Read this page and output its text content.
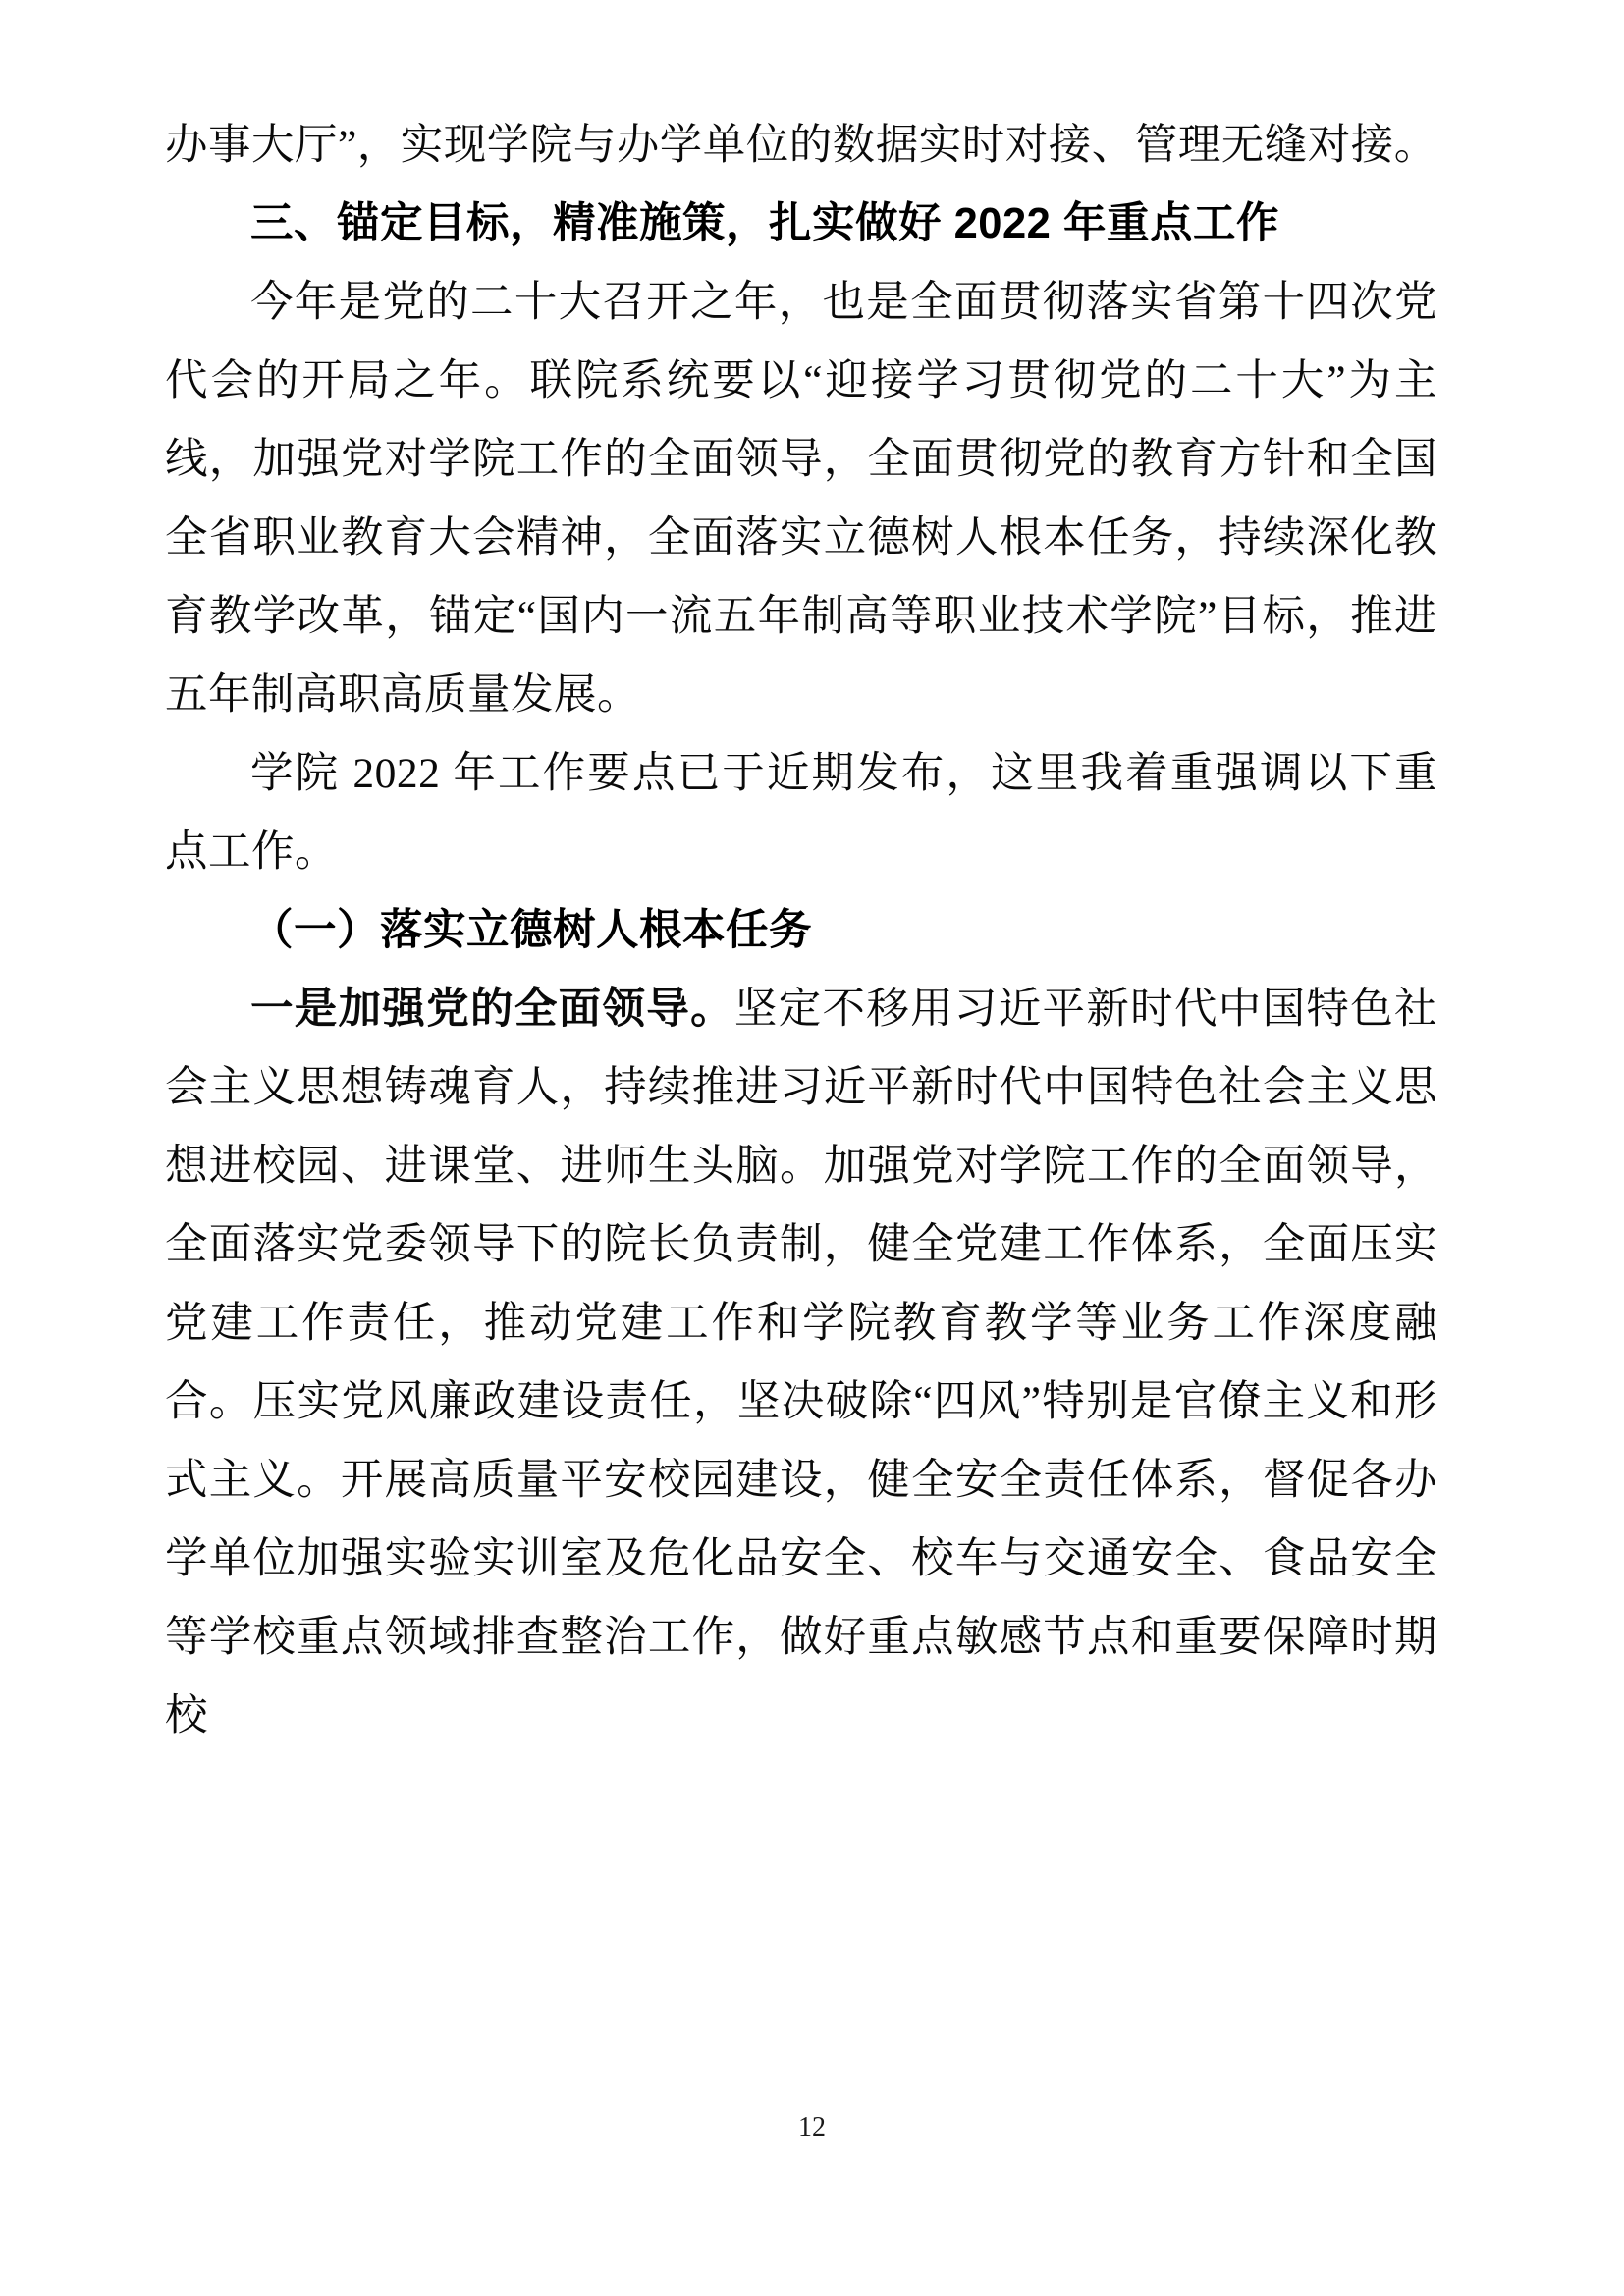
办事大厅”，实现学院与办学单位的数据实时对接、管理无缝对接。

三、锚定目标，精准施策，扎实做好 2022 年重点工作

今年是党的二十大召开之年，也是全面贯彻落实省第十四次党代会的开局之年。联院系统要以“迎接学习贯彻党的二十大”为主线，加强党对学院工作的全面领导，全面贯彻党的教育方针和全国全省职业教育大会精神，全面落实立德树人根本任务，持续深化教育教学改革，锚定“国内一流五年制高等职业技术学院”目标，推进五年制高职高质量发展。

学院 2022 年工作要点已于近期发布，这里我着重强调以下重点工作。

（一）落实立德树人根本任务

一是加强党的全面领导。坚定不移用习近平新时代中国特色社会主义思想铸魂育人，持续推进习近平新时代中国特色社会主义思想进校园、进课堂、进师生头脑。加强党对学院工作的全面领导，全面落实党委领导下的院长负责制，健全党建工作体系，全面压实党建工作责任，推动党建工作和学院教育教学等业务工作深度融合。压实党风廉政建设责任，坚决破除“四风”特别是官僚主义和形式主义。开展高质量平安校园建设，健全安全责任体系，督促各办学单位加强实验实训室及危化品安全、校车与交通安全、食品安全等学校重点领域排查整治工作，做好重点敏感节点和重要保障时期校

12
